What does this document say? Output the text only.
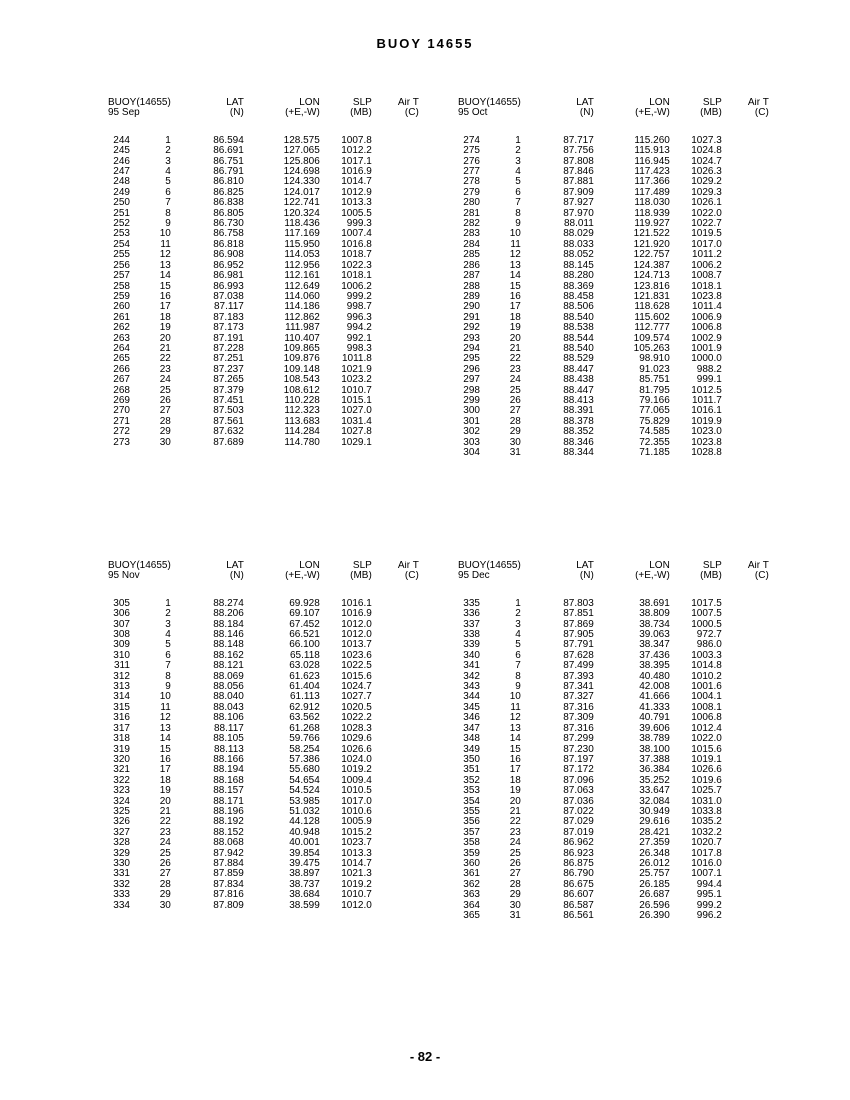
BUOY 14655
BUOY(14655)		LAT	LON	SLP	Air T
95 Sep		(N)	(+E,-W)	(MB)	(C)

244	1	86.594	128.575	1007.8	
245	2	86.691	127.065	1012.2	
246	3	86.751	125.806	1017.1	
247	4	86.791	124.698	1016.9	
248	5	86.810	124.330	1014.7	
249	6	86.825	124.017	1012.9	
250	7	86.838	122.741	1013.3	
251	8	86.805	120.324	1005.5	
252	9	86.730	118.436	999.3	
253	10	86.758	117.169	1007.4	
254	11	86.818	115.950	1016.8	
255	12	86.908	114.053	1018.7	
256	13	86.952	112.956	1022.3	
257	14	86.981	112.161	1018.1	
258	15	86.993	112.649	1006.2	
259	16	87.038	114.060	999.2	
260	17	87.117	114.186	998.7	
261	18	87.183	112.862	996.3	
262	19	87.173	111.987	994.2	
263	20	87.191	110.407	992.1	
264	21	87.228	109.865	998.3	
265	22	87.251	109.876	1011.8	
266	23	87.237	109.148	1021.9	
267	24	87.265	108.543	1023.2	
268	25	87.379	108.612	1010.7	
269	26	87.451	110.228	1015.1	
270	27	87.503	112.323	1027.0	
271	28	87.561	113.683	1031.4	
272	29	87.632	114.284	1027.8	
273	30	87.689	114.780	1029.1	
BUOY(14655)		LAT	LON	SLP	Air T
95 Oct		(N)	(+E,-W)	(MB)	(C)

274	1	87.717	115.260	1027.3	
275	2	87.756	115.913	1024.8	
276	3	87.808	116.945	1024.7	
277	4	87.846	117.423	1026.3	
278	5	87.881	117.366	1029.2	
279	6	87.909	117.489	1029.3	
280	7	87.927	118.030	1026.1	
281	8	87.970	118.939	1022.0	
282	9	88.011	119.927	1022.7	
283	10	88.029	121.522	1019.5	
284	11	88.033	121.920	1017.0	
285	12	88.052	122.757	1011.2	
286	13	88.145	124.387	1006.2	
287	14	88.280	124.713	1008.7	
288	15	88.369	123.816	1018.1	
289	16	88.458	121.831	1023.8	
290	17	88.506	118.628	1011.4	
291	18	88.540	115.602	1006.9	
292	19	88.538	112.777	1006.8	
293	20	88.544	109.574	1002.9	
294	21	88.540	105.263	1001.9	
295	22	88.529	98.910	1000.0	
296	23	88.447	91.023	988.2	
297	24	88.438	85.751	999.1	
298	25	88.447	81.795	1012.5	
299	26	88.413	79.166	1011.7	
300	27	88.391	77.065	1016.1	
301	28	88.378	75.829	1019.9	
302	29	88.352	74.585	1023.0	
303	30	88.346	72.355	1023.8	
304	31	88.344	71.185	1028.8	
BUOY(14655)		LAT	LON	SLP	Air T
95 Nov		(N)	(+E,-W)	(MB)	(C)

305	1	88.274	69.928	1016.1	
306	2	88.206	69.107	1016.9	
307	3	88.184	67.452	1012.0	
308	4	88.146	66.521	1012.0	
309	5	88.148	66.100	1013.7	
310	6	88.162	65.118	1023.6	
311	7	88.121	63.028	1022.5	
312	8	88.069	61.623	1015.6	
313	9	88.056	61.404	1024.7	
314	10	88.040	61.113	1027.7	
315	11	88.043	62.912	1020.5	
316	12	88.106	63.562	1022.2	
317	13	88.117	61.268	1028.3	
318	14	88.105	59.766	1029.6	
319	15	88.113	58.254	1026.6	
320	16	88.166	57.386	1024.0	
321	17	88.194	55.680	1019.2	
322	18	88.168	54.654	1009.4	
323	19	88.157	54.524	1010.5	
324	20	88.171	53.985	1017.0	
325	21	88.196	51.032	1010.6	
326	22	88.192	44.128	1005.9	
327	23	88.152	40.948	1015.2	
328	24	88.068	40.001	1023.7	
329	25	87.942	39.854	1013.3	
330	26	87.884	39.475	1014.7	
331	27	87.859	38.897	1021.3	
332	28	87.834	38.737	1019.2	
333	29	87.816	38.684	1010.7	
334	30	87.809	38.599	1012.0	
BUOY(14655)		LAT	LON	SLP	Air T
95 Dec		(N)	(+E,-W)	(MB)	(C)

335	1	87.803	38.691	1017.5	
336	2	87.851	38.809	1007.5	
337	3	87.869	38.734	1000.5	
338	4	87.905	39.063	972.7	
339	5	87.791	38.347	986.0	
340	6	87.628	37.436	1003.3	
341	7	87.499	38.395	1014.8	
342	8	87.393	40.480	1010.2	
343	9	87.341	42.008	1001.6	
344	10	87.327	41.666	1004.1	
345	11	87.316	41.333	1008.1	
346	12	87.309	40.791	1006.8	
347	13	87.316	39.606	1012.4	
348	14	87.299	38.789	1022.0	
349	15	87.230	38.100	1015.6	
350	16	87.197	37.388	1019.1	
351	17	87.172	36.384	1026.6	
352	18	87.096	35.252	1019.6	
353	19	87.063	33.647	1025.7	
354	20	87.036	32.084	1031.0	
355	21	87.022	30.949	1033.8	
356	22	87.029	29.616	1035.2	
357	23	87.019	28.421	1032.2	
358	24	86.962	27.359	1020.7	
359	25	86.923	26.348	1017.8	
360	26	86.875	26.012	1016.0	
361	27	86.790	25.757	1007.1	
362	28	86.675	26.185	994.4	
363	29	86.607	26.687	995.1	
364	30	86.587	26.596	999.2	
365	31	86.561	26.390	996.2	
- 82 -
